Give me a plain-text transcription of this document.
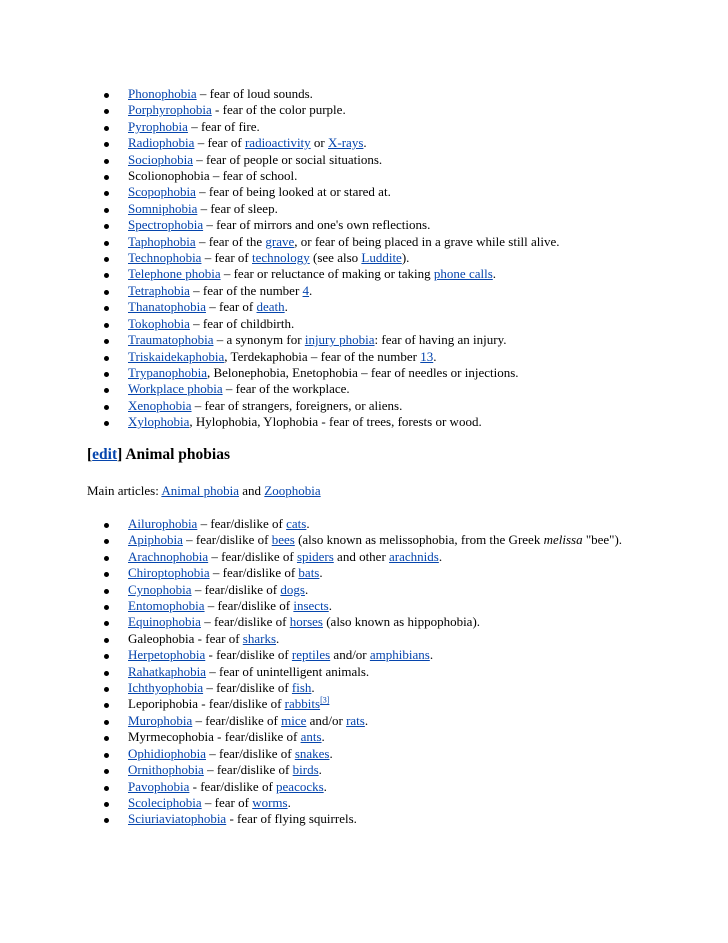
Phonophobia – fear of loud sounds.
Porphyrophobia - fear of the color purple.
Pyrophobia – fear of fire.
Radiophobia – fear of radioactivity or X-rays.
Sociophobia – fear of people or social situations.
Scolionophobia – fear of school.
Scopophobia – fear of being looked at or stared at.
Somniphobia – fear of sleep.
Spectrophobia – fear of mirrors and one's own reflections.
Taphophobia – fear of the grave, or fear of being placed in a grave while still alive.
Technophobia – fear of technology (see also Luddite).
Telephone phobia – fear or reluctance of making or taking phone calls.
Tetraphobia – fear of the number 4.
Thanatophobia – fear of death.
Tokophobia – fear of childbirth.
Traumatophobia – a synonym for injury phobia: fear of having an injury.
Triskaidekaphobia, Terdekaphobia – fear of the number 13.
Trypanophobia, Belonephobia, Enetophobia – fear of needles or injections.
Workplace phobia – fear of the workplace.
Xenophobia – fear of strangers, foreigners, or aliens.
Xylophobia, Hylophobia, Ylophobia - fear of trees, forests or wood.
[edit] Animal phobias
Main articles: Animal phobia and Zoophobia
Ailurophobia – fear/dislike of cats.
Apiphobia – fear/dislike of bees (also known as melissophobia, from the Greek melissa "bee").
Arachnophobia – fear/dislike of spiders and other arachnids.
Chiroptophobia – fear/dislike of bats.
Cynophobia – fear/dislike of dogs.
Entomophobia – fear/dislike of insects.
Equinophobia – fear/dislike of horses (also known as hippophobia).
Galeophobia - fear of sharks.
Herpetophobia - fear/dislike of reptiles and/or amphibians.
Rahatkaphobia – fear of unintelligent animals.
Ichthyophobia – fear/dislike of fish.
Leporiphobia - fear/dislike of rabbits[3]
Murophobia – fear/dislike of mice and/or rats.
Myrmecophobia - fear/dislike of ants.
Ophidiophobia – fear/dislike of snakes.
Ornithophobia – fear/dislike of birds.
Pavophobia - fear/dislike of peacocks.
Scoleciphobia – fear of worms.
Sciuriaviatophobia - fear of flying squirrels.
